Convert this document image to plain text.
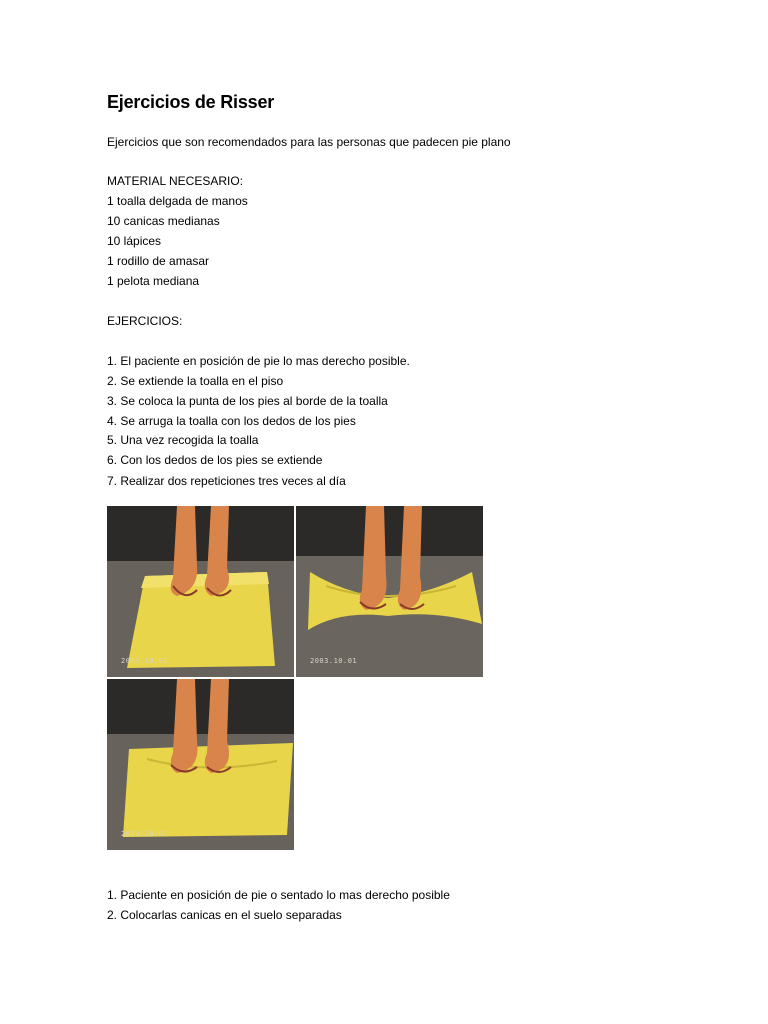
Ejercicios de Risser
Ejercicios que son recomendados para las personas que padecen pie plano
MATERIAL NECESARIO:
1 toalla delgada de manos
10 canicas medianas
10 lápices
1 rodillo de amasar
1 pelota mediana
EJERCICIOS:
1. El paciente en posición de pie lo mas derecho posible.
2. Se extiende la toalla en el piso
3. Se coloca la punta de los pies al borde de la toalla
4. Se arruga la toalla con los dedos de los pies
5. Una vez recogida la toalla
6. Con los dedos de los pies se extiende
7. Realizar dos repeticiones tres veces al día
1. Paciente en posición de pie o sentado lo mas derecho posible
2. Colocarlas canicas en el suelo separadas
2003.10.01	2003.10.01
2003.10.01
